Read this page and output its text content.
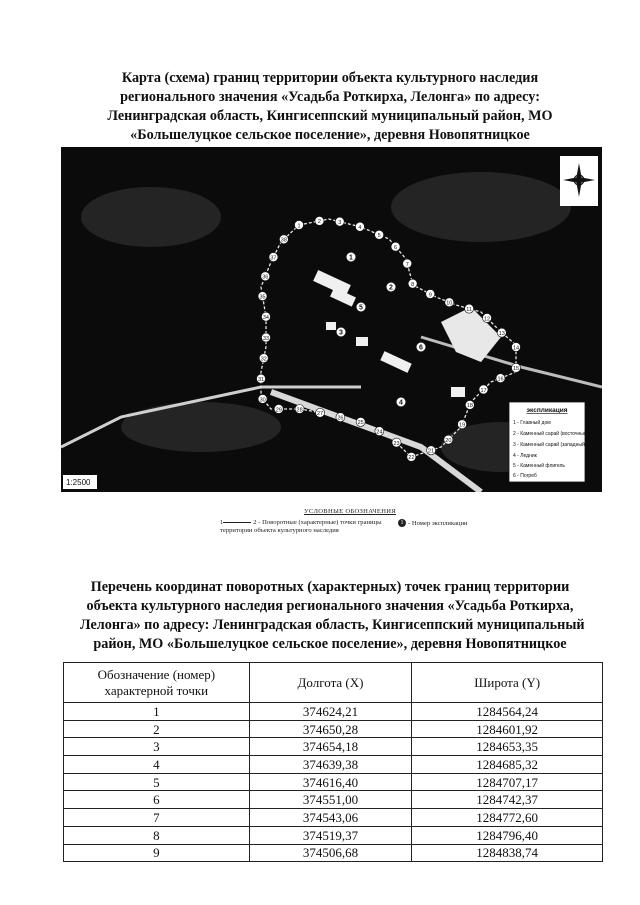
Карта (схема) границ территории объекта культурного наследия
регионального значения «Усадьба Роткирха, Лелонга» по адресу:
Ленинградская область, Кингисеппский муниципальный район, МО
«Большелуцкое сельское поселение», деревня Новопятницкое
1
2	3
4
5
6
7
8
9
10
11
12
13
14
15
16
17
18
19
20
21
22
23
24
25
26
27
28
29
30
31
32
33
34
35
36
37
38
1
2
3
4
5
6
1:2500
экспликация
1 - Главный дом
2 - Каменный сарай (восточный)
3 - Каменный сарай (западный)
4 - Ледник
5 - Каменный флигель
6 - Погреб
УСЛОВНЫЕ ОБОЗНАЧЕНИЯ
1	2 - Поворотные (характерные) точки границы территории объекта культурного наследия
1 - Номер экспликации
Перечень координат поворотных (характерных) точек границ территории
объекта культурного наследия регионального значения «Усадьба Роткирха,
Лелонга» по адресу: Ленинградская область, Кингисеппский муниципальный
район, МО «Большелуцкое сельское поселение», деревня Новопятницкое
Обозначение (номер) характерной точки	Долгота (X)	Широта (Y)
1	374624,21	1284564,24
2	374650,28	1284601,92
3	374654,18	1284653,35
4	374639,38	1284685,32
5	374616,40	1284707,17
6	374551,00	1284742,37
7	374543,06	1284772,60
8	374519,37	1284796,40
9	374506,68	1284838,74
